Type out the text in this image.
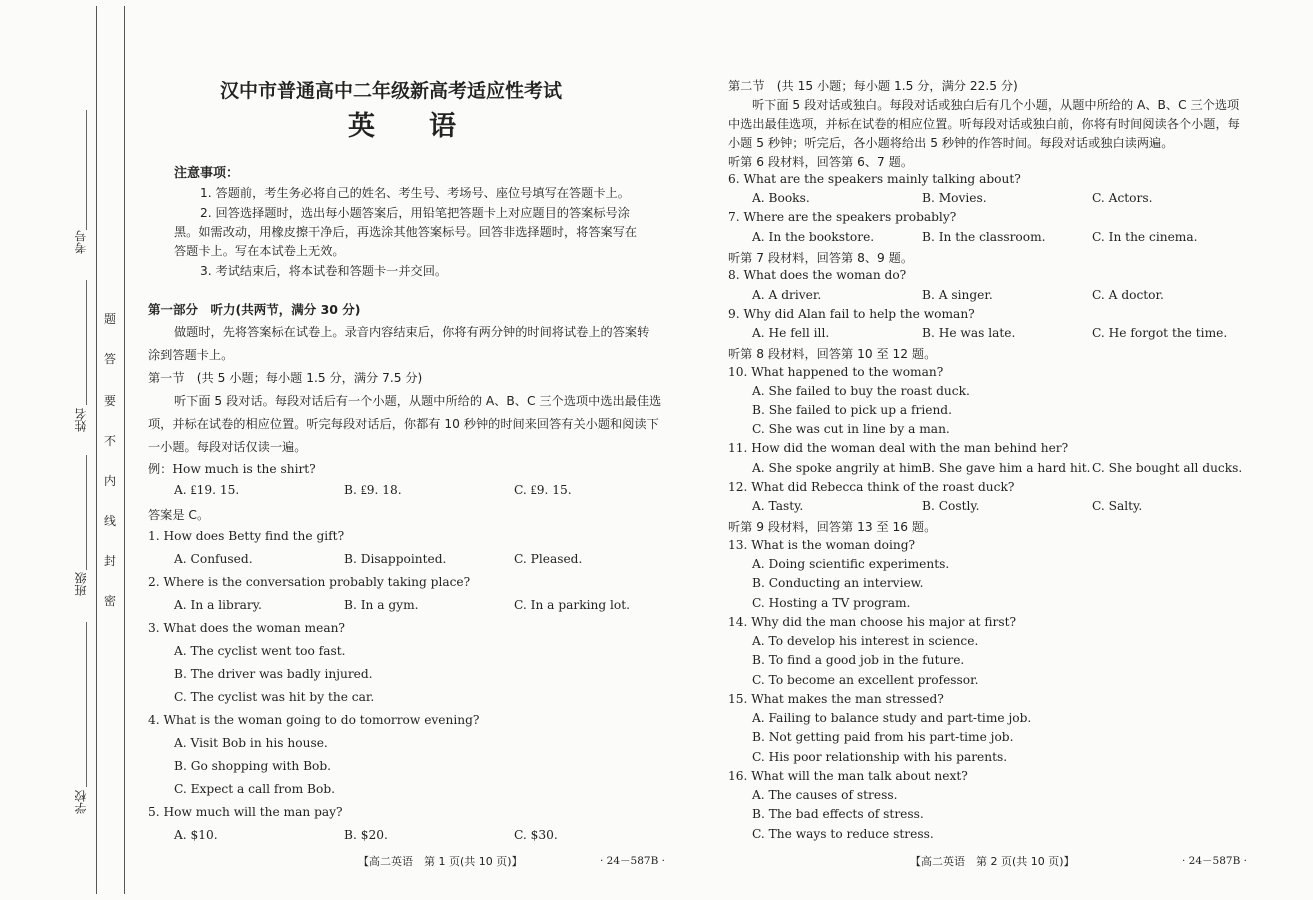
考号
姓名
班级
学校
题
答
要
不
内
线
封
密
汉中市普通高中二年级新高考适应性考试
英　　语
注意事项：
1. 答题前，考生务必将自己的姓名、考生号、考场号、座位号填写在答题卡上。
2. 回答选择题时，选出每小题答案后，用铅笔把答题卡上对应题目的答案标号涂
黑。如需改动，用橡皮擦干净后，再选涂其他答案标号。回答非选择题时，将答案写在
答题卡上。写在本试卷上无效。
3. 考试结束后，将本试卷和答题卡一并交回。
第一部分　听力(共两节，满分 30 分)
做题时，先将答案标在试卷上。录音内容结束后，你将有两分钟的时间将试卷上的答案转
涂到答题卡上。
第一节　(共 5 小题；每小题 1.5 分，满分 7.5 分)
听下面 5 段对话。每段对话后有一个小题，从题中所给的 A、B、C 三个选项中选出最佳选
项，并标在试卷的相应位置。听完每段对话后，你都有 10 秒钟的时间来回答有关小题和阅读下
一小题。每段对话仅读一遍。
例：How much is the shirt?
A. ₤19. 15.	B. ₤9. 18.	C. ₤9. 15.
答案是 C。
1. How does Betty find the gift?
A. Confused.	B. Disappointed.	C. Pleased.
2. Where is the conversation probably taking place?
A. In a library.	B. In a gym.	C. In a parking lot.
3. What does the woman mean?
A. The cyclist went too fast.
B. The driver was badly injured.
C. The cyclist was hit by the car.
4. What is the woman going to do tomorrow evening?
A. Visit Bob in his house.
B. Go shopping with Bob.
C. Expect a call from Bob.
5. How much will the man pay?
A. $10.	B. $20.	C. $30.
【高二英语　第 1 页(共 10 页)】	· 24－587B ·
第二节　(共 15 小题；每小题 1.5 分，满分 22.5 分)
听下面 5 段对话或独白。每段对话或独白后有几个小题，从题中所给的 A、B、C 三个选项
中选出最佳选项，并标在试卷的相应位置。听每段对话或独白前，你将有时间阅读各个小题，每
小题 5 秒钟；听完后，各小题将给出 5 秒钟的作答时间。每段对话或独白读两遍。
听第 6 段材料，回答第 6、7 题。
6. What are the speakers mainly talking about?
A. Books.	B. Movies.	C. Actors.
7. Where are the speakers probably?
A. In the bookstore.	B. In the classroom.	C. In the cinema.
听第 7 段材料，回答第 8、9 题。
8. What does the woman do?
A. A driver.	B. A singer.	C. A doctor.
9. Why did Alan fail to help the woman?
A. He fell ill.	B. He was late.	C. He forgot the time.
听第 8 段材料，回答第 10 至 12 题。
10. What happened to the woman?
A. She failed to buy the roast duck.
B. She failed to pick up a friend.
C. She was cut in line by a man.
11. How did the woman deal with the man behind her?
A. She spoke angrily at him.
B. She gave him a hard hit. C. She bought all ducks.
12. What did Rebecca think of the roast duck?
A. Tasty.	B. Costly.	C. Salty.
听第 9 段材料，回答第 13 至 16 题。
13. What is the woman doing?
A. Doing scientific experiments.
B. Conducting an interview.
C. Hosting a TV program.
14. Why did the man choose his major at first?
A. To develop his interest in science.
B. To find a good job in the future.
C. To become an excellent professor.
15. What makes the man stressed?
A. Failing to balance study and part-time job.
B. Not getting paid from his part-time job.
C. His poor relationship with his parents.
16. What will the man talk about next?
A. The causes of stress.
B. The bad effects of stress.
C. The ways to reduce stress.
【高二英语　第 2 页(共 10 页)】	· 24－587B ·
